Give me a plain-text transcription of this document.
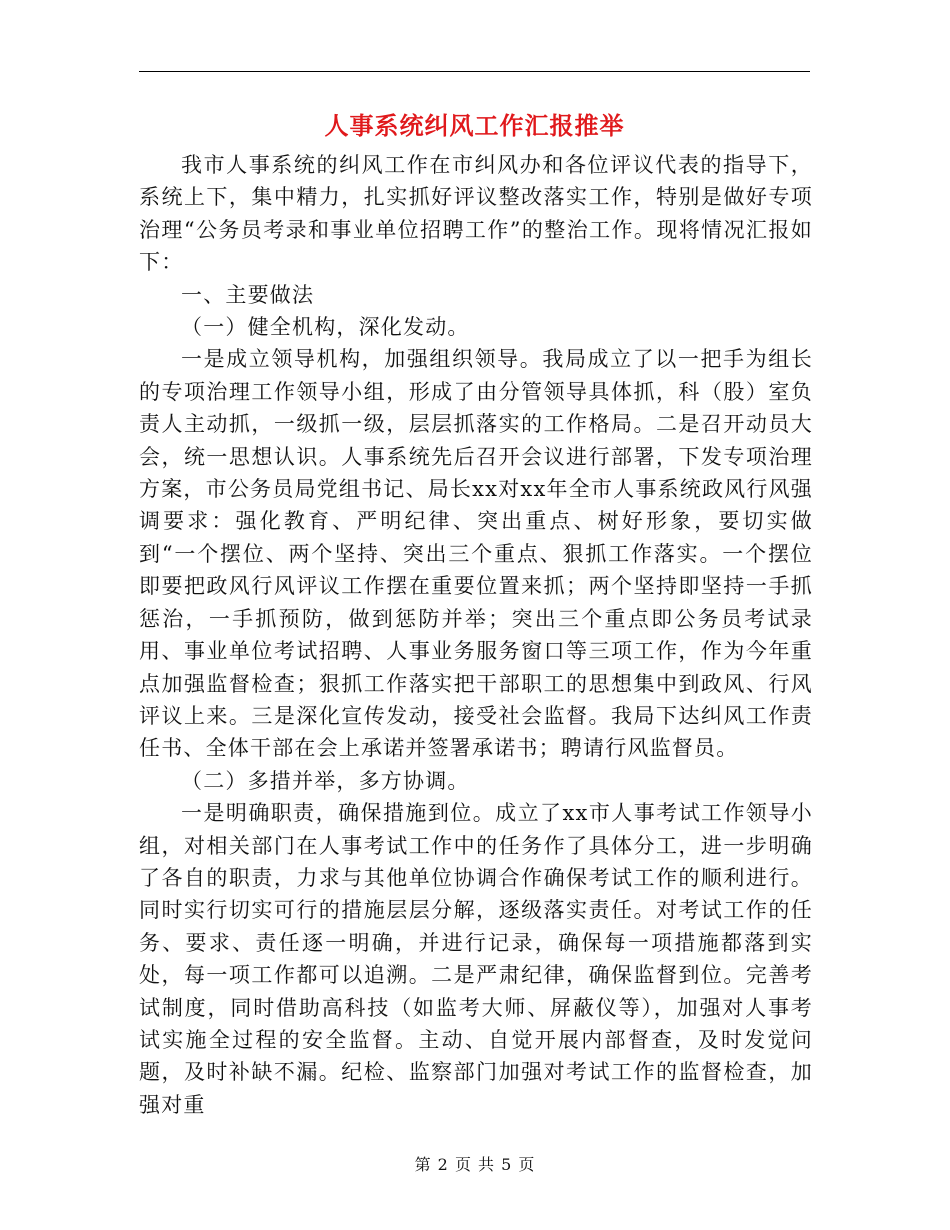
人事系统纠风工作汇报推举

我市人事系统的纠风工作在市纠风办和各位评议代表的指导下，系统上下，集中精力，扎实抓好评议整改落实工作，特别是做好专项治理“公务员考录和事业单位招聘工作”的整治工作。现将情况汇报如下：

一、主要做法

（一）健全机构，深化发动。

一是成立领导机构，加强组织领导。我局成立了以一把手为组长的专项治理工作领导小组，形成了由分管领导具体抓，科（股）室负责人主动抓，一级抓一级，层层抓落实的工作格局。二是召开动员大会，统一思想认识。人事系统先后召开会议进行部署，下发专项治理方案，市公务员局党组书记、局长xx对xx年全市人事系统政风行风强调要求：强化教育、严明纪律、突出重点、树好形象，要切实做到“一个摆位、两个坚持、突出三个重点、狠抓工作落实。一个摆位即要把政风行风评议工作摆在重要位置来抓；两个坚持即坚持一手抓惩治，一手抓预防，做到惩防并举；突出三个重点即公务员考试录用、事业单位考试招聘、人事业务服务窗口等三项工作，作为今年重点加强监督检查；狠抓工作落实把干部职工的思想集中到政风、行风评议上来。三是深化宣传发动，接受社会监督。我局下达纠风工作责任书、全体干部在会上承诺并签署承诺书；聘请行风监督员。

（二）多措并举，多方协调。

一是明确职责，确保措施到位。成立了xx市人事考试工作领导小组，对相关部门在人事考试工作中的任务作了具体分工，进一步明确了各自的职责，力求与其他单位协调合作确保考试工作的顺利进行。同时实行切实可行的措施层层分解，逐级落实责任。对考试工作的任务、要求、责任逐一明确，并进行记录，确保每一项措施都落到实处，每一项工作都可以追溯。二是严肃纪律，确保监督到位。完善考试制度，同时借助高科技（如监考大师、屏蔽仪等），加强对人事考试实施全过程的安全监督。主动、自觉开展内部督查，及时发觉问题，及时补缺不漏。纪检、监察部门加强对考试工作的监督检查，加强对重

第 2 页 共 5 页
